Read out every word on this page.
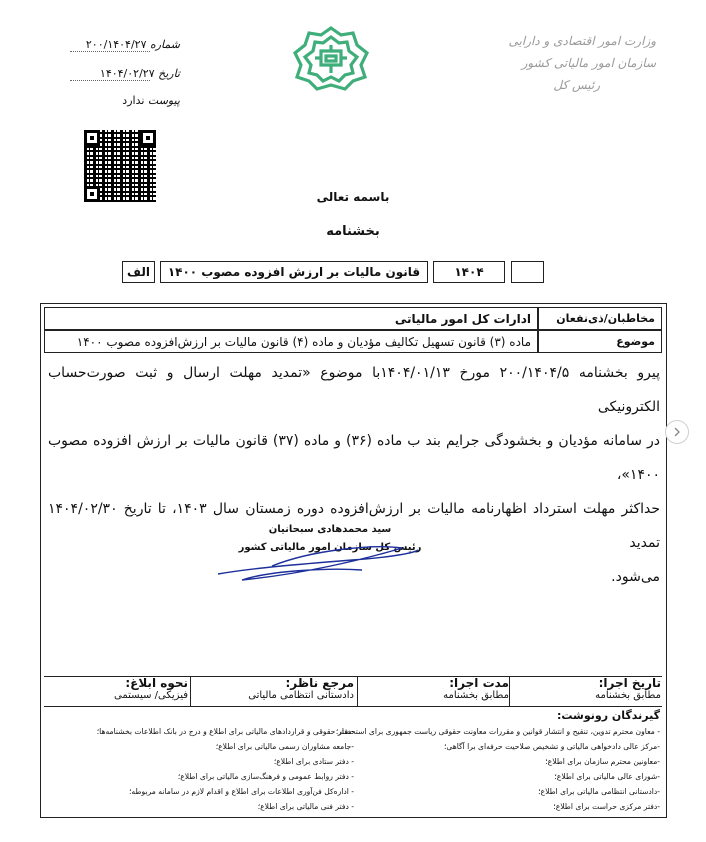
شماره ۲۰۰/۱۴۰۴/۲۷
تاریخ ۱۴۰۴/۰۲/۲۷
پیوست ندارد
وزارت امور اقتصادی و دارایی
سازمان امور مالیاتی کشور
رئیس کل
باسمه تعالی
بخشنامه
۱۴۰۴
قانون مالیات بر ارزش افزوده مصوب ۱۴۰۰
الف
مخاطبان/ذی‌نفعان
ادارات کل امور مالیاتی
موضوع
ماده (۳) قانون تسهیل تکالیف مؤدیان و ماده (۴) قانون مالیات بر ارزش‌افزوده مصوب ۱۴۰۰
پیرو بخشنامه ۲۰۰/۱۴۰۴/۵ مورخ ۱۴۰۴/۰۱/۱۳با موضوع «تمدید مهلت ارسال و ثبت صورت‌حساب الکترونیکی
در سامانه مؤدیان و بخشودگی جرایم بند ب ماده (۳۶) و ماده (۳۷) قانون مالیات بر ارزش افزوده مصوب ۱۴۰۰»،
حداکثر مهلت استرداد اظهارنامه مالیات بر ارزش‌افزوده دوره زمستان سال ۱۴۰۳، تا تاریخ ۱۴۰۴/۰۲/۳۰ تمدید
می‌شود.
سید محمدهادی سبحانیان
رئیس کل سازمان امور مالیاتی کشور
تاریخ اجرا:
مطابق بخشنامه
مدت اجرا:
مطابق بخشنامه
مرجع ناظر:
دادستانی انتظامی مالیاتی
نحوه ابلاغ:
فیزیکی/ سیستمی
گیرندگان رونوشت:
- معاون محترم تدوین، تنقیح و انتشار قوانین و مقررات معاونت حقوقی ریاست جمهوری برای استحضار؛
-مرکز عالی دادخواهی مالیاتی و تشخیص صلاحیت حرفه‌ای برا آگاهی؛
-معاونین محترم سازمان برای اطلاع؛
-شورای عالی مالیاتی برای اطلاع؛
-دادستانی انتظامی مالیاتی برای اطلاع؛
-دفتر مرکزی حراست برای اطلاع؛
-دفتر حقوقی و قراردادهای مالیاتی برای اطلاع و درج در بانک اطلاعات بخشنامه‌ها؛
-جامعه مشاوران رسمی مالیاتی برای اطلاع؛
- دفتر ستادی برای اطلاع؛
- دفتر روابط عمومی و فرهنگ‌سازی مالیاتی برای اطلاع؛
- اداره‌کل فن‌آوری اطلاعات برای اطلاع و اقدام لازم در سامانه مربوطه؛
- دفتر فنی مالیاتی برای اطلاع؛
